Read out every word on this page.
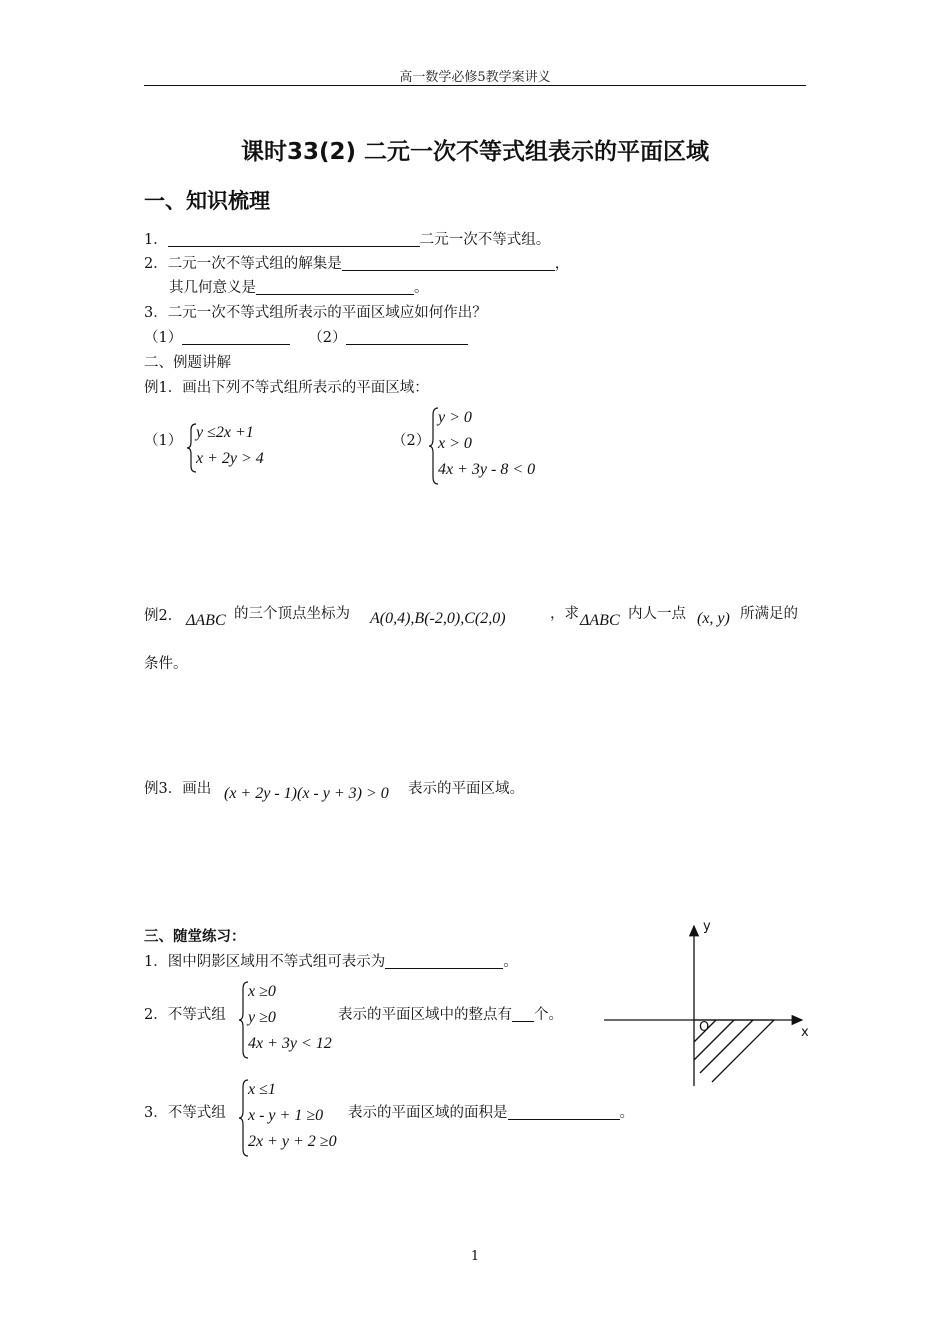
高一数学必修5教学案讲义
课时33(2) 二元一次不等式组表示的平面区域
一、知识梳理
1．	二元一次不等式组。
2．二元一次不等式组的解集是	，
其几何意义是	。
3．二元一次不等式组所表示的平面区域应如何作出？
（1）	（2）
二、例题讲解
例1．画出下列不等式组所表示的平面区域：
（1） y ≤2x +1
x + 2y > 4
（2）
y > 0
x > 0
4x + 3y - 8 < 0
例2． ΔABC 的三个顶点坐标为 A(0,4),B(-2,0),C(2,0)	，求 ΔABC 内人一点 (x, y) 所满足的
条件。
例3．画出 (x + 2y - 1)(x - y + 3) > 0 表示的平面区域。
三、随堂练习：
1．图中阴影区域用不等式组可表示为	。
2．不等式组
x ≥0
y ≥0
4x + 3y < 12
表示的平面区域中的整点有 个。
3．不等式组
x ≤1
x - y + 1 ≥0
2x + y + 2 ≥0
表示的平面区域的面积是	。
y
x
O
1
